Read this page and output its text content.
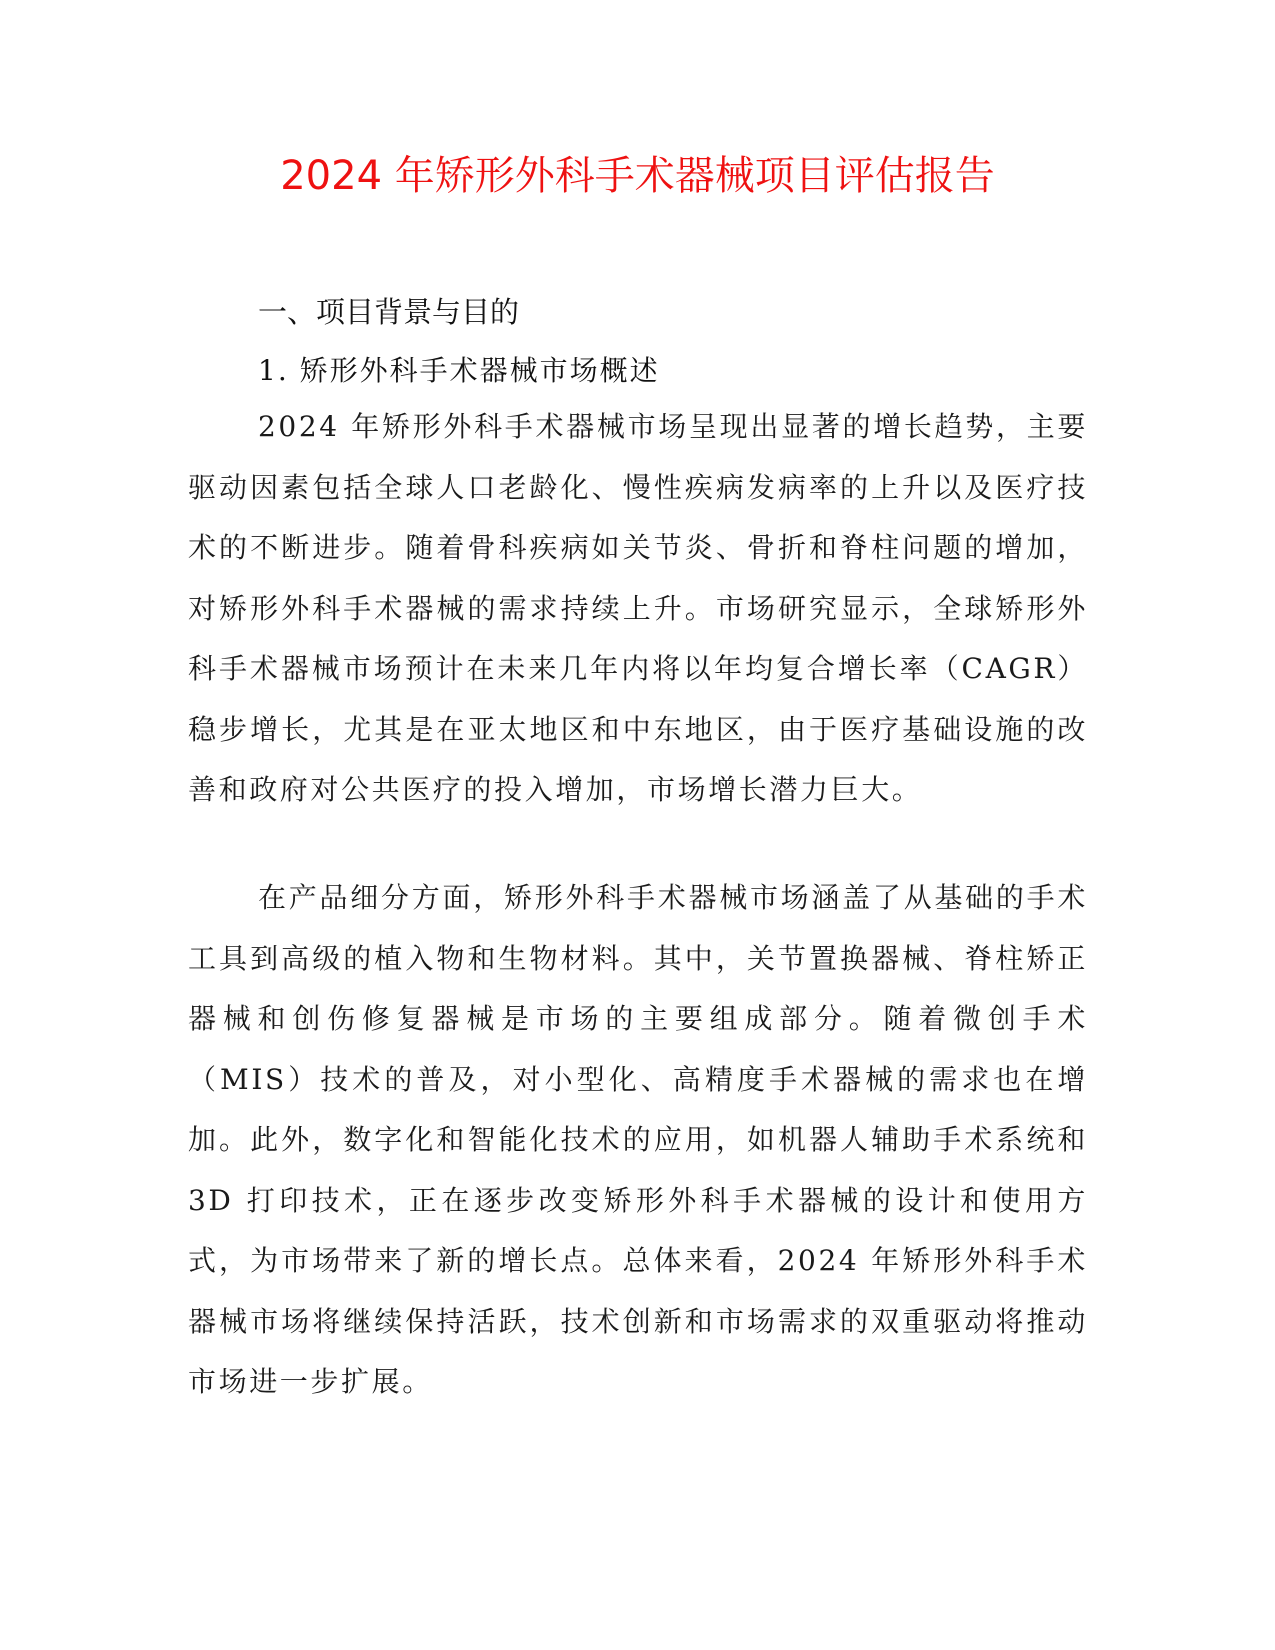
2024 年矫形外科手术器械项目评估报告
一、项目背景与目的
1. 矫形外科手术器械市场概述

2024 年矫形外科手术器械市场呈现出显著的增长趋势，主要驱动因素包括全球人口老龄化、慢性疾病发病率的上升以及医疗技术的不断进步。随着骨科疾病如关节炎、骨折和脊柱问题的增加，对矫形外科手术器械的需求持续上升。市场研究显示，全球矫形外科手术器械市场预计在未来几年内将以年均复合增长率（CAGR）稳步增长，尤其是在亚太地区和中东地区，由于医疗基础设施的改善和政府对公共医疗的投入增加，市场增长潜力巨大。

在产品细分方面，矫形外科手术器械市场涵盖了从基础的手术工具到高级的植入物和生物材料。其中，关节置换器械、脊柱矫正器械和创伤修复器械是市场的主要组成部分。随着微创手术（MIS）技术的普及，对小型化、高精度手术器械的需求也在增加。此外，数字化和智能化技术的应用，如机器人辅助手术系统和 3D 打印技术，正在逐步改变矫形外科手术器械的设计和使用方式，为市场带来了新的增长点。总体来看，2024 年矫形外科手术器械市场将继续保持活跃，技术创新和市场需求的双重驱动将推动市场进一步扩展。
